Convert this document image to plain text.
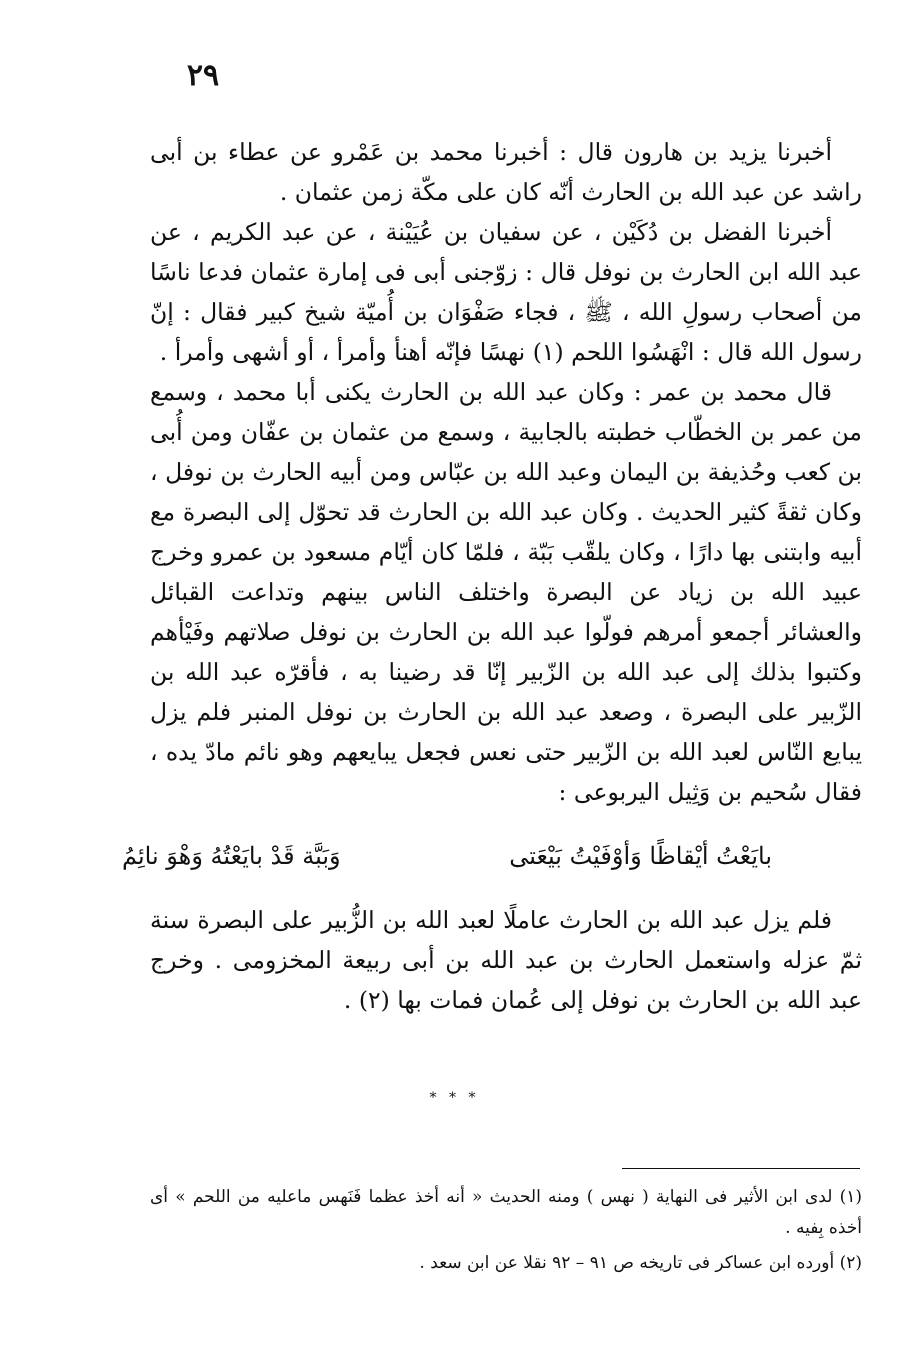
٢٩

أخبرنا يزيد بن هارون قال : أخبرنا محمد بن عَمْرو عن عطاء بن أبى راشد عن عبد الله بن الحارث أنّه كان على مكّة زمن عثمان .

أخبرنا الفضل بن دُكَيْن ، عن سفيان بن عُيَيْنة ، عن عبد الكريم ، عن عبد الله ابن الحارث بن نوفل قال : زوّجنى أبى فى إمارة عثمان فدعا ناسًا من أصحاب رسولِ الله ، ﷺ ، فجاء صَفْوَان بن أُميّة شيخ كبير فقال : إنّ رسول الله قال : انْهَسُوا اللحم (١) نهسًا فإنّه أهنأ وأمرأ ، أو أشهى وأمرأ .

قال محمد بن عمر : وكان عبد الله بن الحارث يكنى أبا محمد ، وسمع من عمر بن الخطّاب خطبته بالجابية ، وسمع من عثمان بن عفّان ومن أُبى بن كعب وحُذيفة بن اليمان وعبد الله بن عبّاس ومن أبيه الحارث بن نوفل ، وكان ثقةً كثير الحديث . وكان عبد الله بن الحارث قد تحوّل إلى البصرة مع أبيه وابتنى بها دارًا ، وكان يلقّب بَبّة ، فلمّا كان أيّام مسعود بن عمرو وخرج عبيد الله بن زياد عن البصرة واختلف الناس بينهم وتداعت القبائل والعشائر أجمعو أمرهم فولّوا عبد الله بن الحارث بن نوفل صلاتهم وفَيْأهم وكتبوا بذلك إلى عبد الله بن الزّبير إنّا قد رضينا به ، فأقرّه عبد الله بن الزّبير على البصرة ، وصعد عبد الله بن الحارث بن نوفل المنبر فلم يزل يبايع النّاس لعبد الله بن الزّبير حتى نعس فجعل يبايعهم وهو نائم مادّ يده ، فقال سُحيم بن وَثِيل اليربوعى :

بايَعْتُ أيْقاظًا وَأوْفَيْتُ بَيْعَتى
وَبَبَّة قَدْ بايَعْتُهُ وَهْوَ نائِمُ

فلم يزل عبد الله بن الحارث عاملًا لعبد الله بن الزُّبير على البصرة سنة ثمّ عزله واستعمل الحارث بن عبد الله بن أبى ربيعة المخزومى . وخرج عبد الله بن الحارث بن نوفل إلى عُمان فمات بها (٢) .

* * *

(١) لدى ابن الأثير فى النهاية ( نهس ) ومنه الحديث « أنه أخذ عظما فَنَهس ماعليه من اللحم » أى أخذه بِفيه .

(٢) أورده ابن عساكر فى تاريخه ص ٩١ – ٩٢ نقلا عن ابن سعد .
